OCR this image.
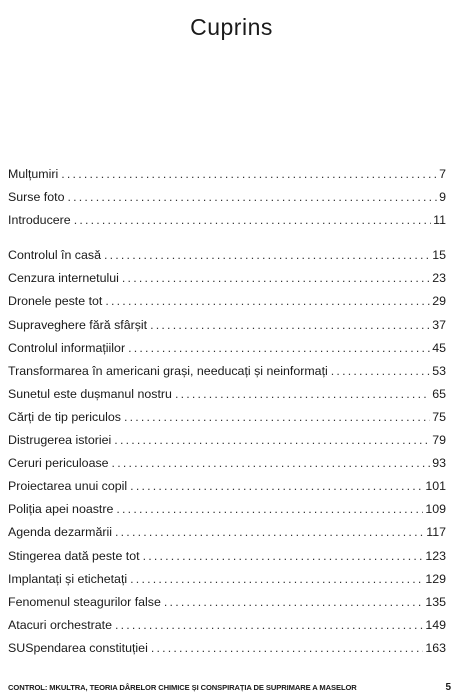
Cuprins
Mulțumiri .....	7
Surse foto .....	9
Introducere .....	11
Controlul în casă .....	15
Cenzura internetului .....	23
Dronele peste tot .....	29
Supraveghere fără sfârșit .....	37
Controlul informațiilor .....	45
Transformarea în americani grași, needucați și neinformați .....	53
Sunetul este dușmanul nostru .....	65
Cărți de tip periculos .....	75
Distrugerea istoriei .....	79
Ceruri periculoase .....	93
Proiectarea unui copil .....	101
Poliția apei noastre .....	109
Agenda dezarmării .....	117
Stingerea dată peste tot .....	123
Implantați și etichetați .....	129
Fenomenul steagurilor false .....	135
Atacuri orchestrate .....	149
SUSpendarea constituției .....	163
CONTROL: MKULTRA, TEORIA DÂRELOR CHIMICE ȘI CONSPIRAȚIA DE SUPRIMARE A MASELOR	5
